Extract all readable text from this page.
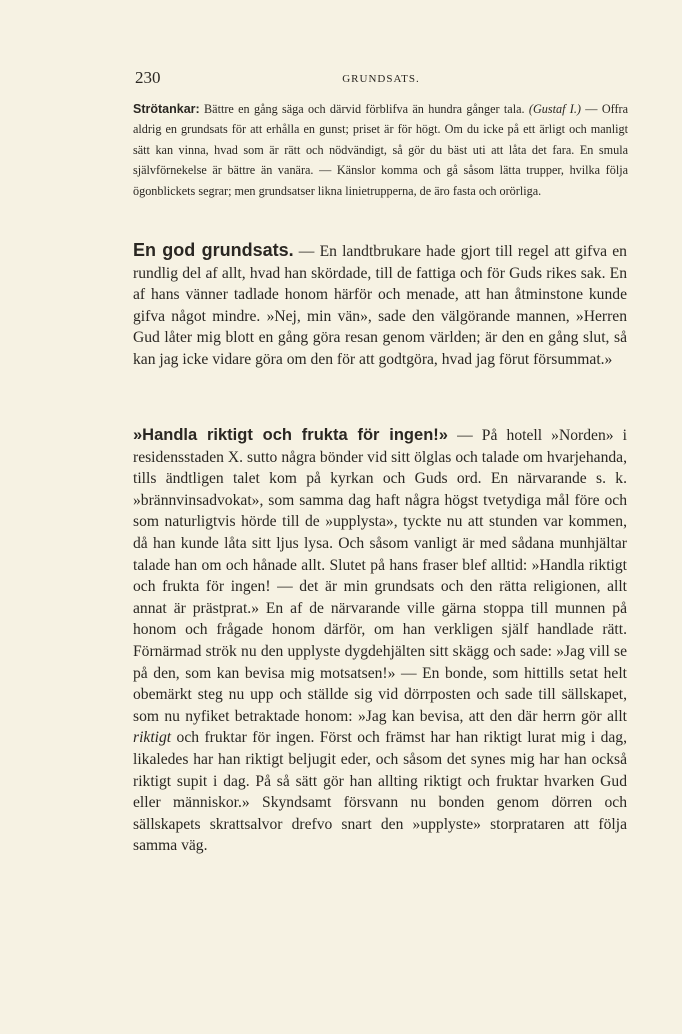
230	GRUNDSATS.
Strötankar: Bättre en gång säga och därvid förblifva än hundra gånger tala. (Gustaf I.) — Offra aldrig en grundsats för att erhålla en gunst; priset är för högt. Om du icke på ett ärligt och manligt sätt kan vinna, hvad som är rätt och nödvändigt, så gör du bäst uti att låta det fara. En smula självförnekelse är bättre än vanära. — Känslor komma och gå såsom lätta trupper, hvilka följa ögonblickets segrar; men grundsatser likna linietrupperna, de äro fasta och orörliga.
En god grundsats. — En landtbrukare hade gjort till regel att gifva en rundlig del af allt, hvad han skördade, till de fattiga och för Guds rikes sak. En af hans vänner tadlade honom härför och menade, att han åtminstone kunde gifva något mindre. »Nej, min vän», sade den välgörande mannen, »Herren Gud låter mig blott en gång göra resan genom världen; är den en gång slut, så kan jag icke vidare göra om den för att godtgöra, hvad jag förut försummat.»
»Handla riktigt och frukta för ingen!» — På hotell »Norden» i residensstaden X. sutto några bönder vid sitt ölglas och talade om hvarjehanda, tills ändtligen talet kom på kyrkan och Guds ord. En närvarande s. k. »brännvinsadvokat», som samma dag haft några högst tvetydiga mål före och som naturligtvis hörde till de »upplysta», tyckte nu att stunden var kommen, då han kunde låta sitt ljus lysa. Och såsom vanligt är med sådana munhjältar talade han om och hånade allt. Slutet på hans fraser blef alltid: »Handla riktigt och frukta för ingen! — det är min grundsats och den rätta religionen, allt annat är prästprat.» En af de närvarande ville gärna stoppa till munnen på honom och frågade honom därför, om han verkligen själf handlade rätt. Förnärmad strök nu den upplyste dygdehjälten sitt skägg och sade: »Jag vill se på den, som kan bevisa mig motsatsen!» — En bonde, som hittills setat helt obemärkt steg nu upp och ställde sig vid dörrposten och sade till sällskapet, som nu nyfiket betraktade honom: »Jag kan bevisa, att den där herrn gör allt riktigt och fruktar för ingen. Först och främst har han riktigt lurat mig i dag, likaledes har han riktigt beljugit eder, och såsom det synes mig har han också riktigt supit i dag. På så sätt gör han allting riktigt och fruktar hvarken Gud eller människor.» Skyndsamt försvann nu bonden genom dörren och sällskapets skrattsalvor drefvo snart den »upplyste» storprataren att följa samma väg.
